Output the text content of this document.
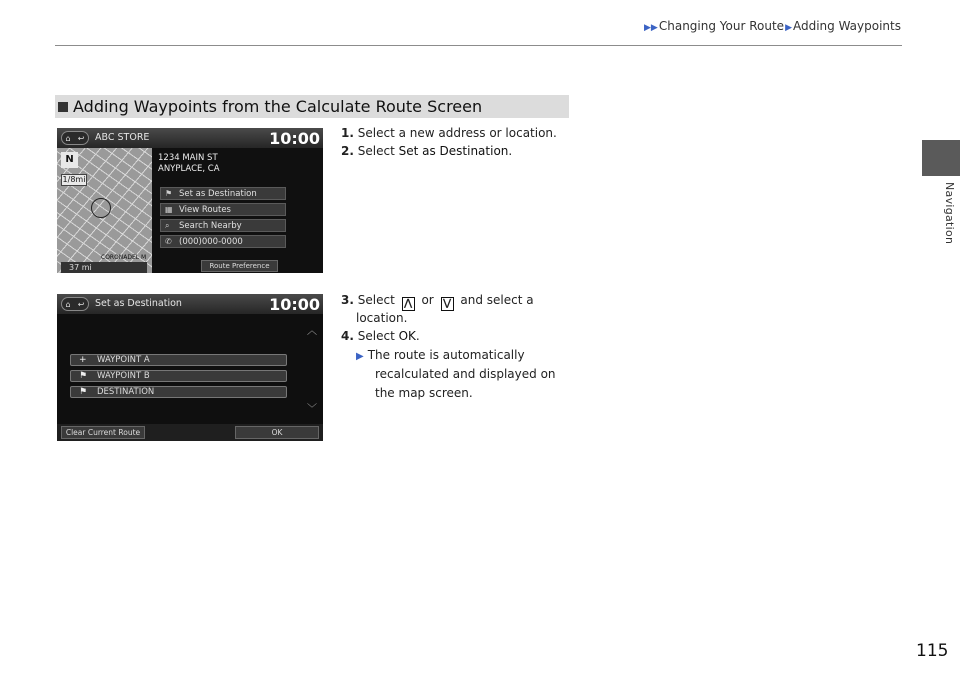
▶▶Changing Your Route▶Adding Waypoints
Navigation
Adding Waypoints from the Calculate Route Screen
⌂ ↩ ABC STORE	10:00
N
1/8mi
37 mi
CORONADEL M
1234 MAIN ST
ANYPLACE, CA
⚑ Set as Destination
▦ View Routes
⌕	Search Nearby
✆ (000)000-0000
Route Preference
1. Select a new address or location.
2. Select Set as Destination.
⌂ ↩ Set as Destination	10:00
︿
+ WAYPOINT A
⚑ WAYPOINT B
⚑ DESTINATION
﹀
Clear Current Route	OK
3. Select ⋀ or ⋁ and select a
location.
4. Select OK.
▶ The route is automatically
recalculated and displayed on
the map screen.
115
